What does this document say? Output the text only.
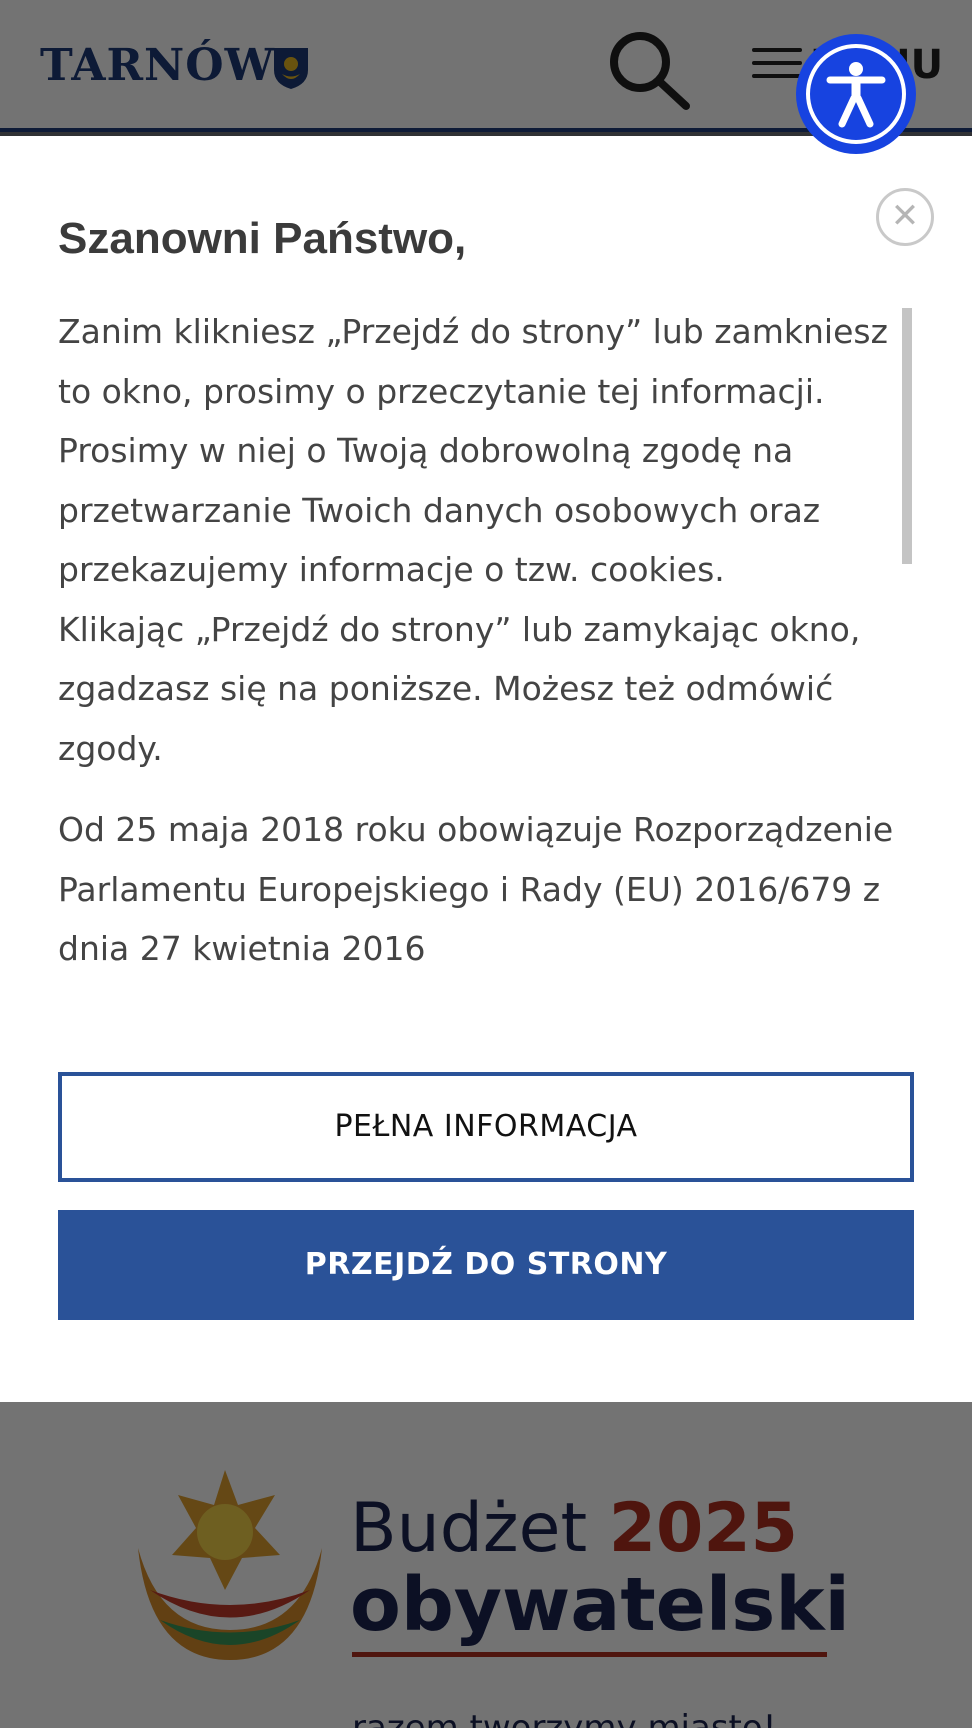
✕
Szanowni Państwo,

Zanim klikniesz „Przejdź do strony” lub zamkniesz to okno, prosimy o przeczytanie tej informacji. Prosimy w niej o Twoją dobrowolną zgodę na przetwarzanie Twoich danych osobowych oraz przekazujemy informacje o tzw. cookies.
Klikając „Przejdź do strony” lub zamykając okno, zgadzasz się na poniższe. Możesz też odmówić zgody.

Od 25 maja 2018 roku obowiązuje Rozporządzenie Parlamentu Europejskiego i Rady (EU) 2016/679 z dnia 27 kwietnia 2016

PEŁNA INFORMACJA
PRZEJDŹ DO STRONY
